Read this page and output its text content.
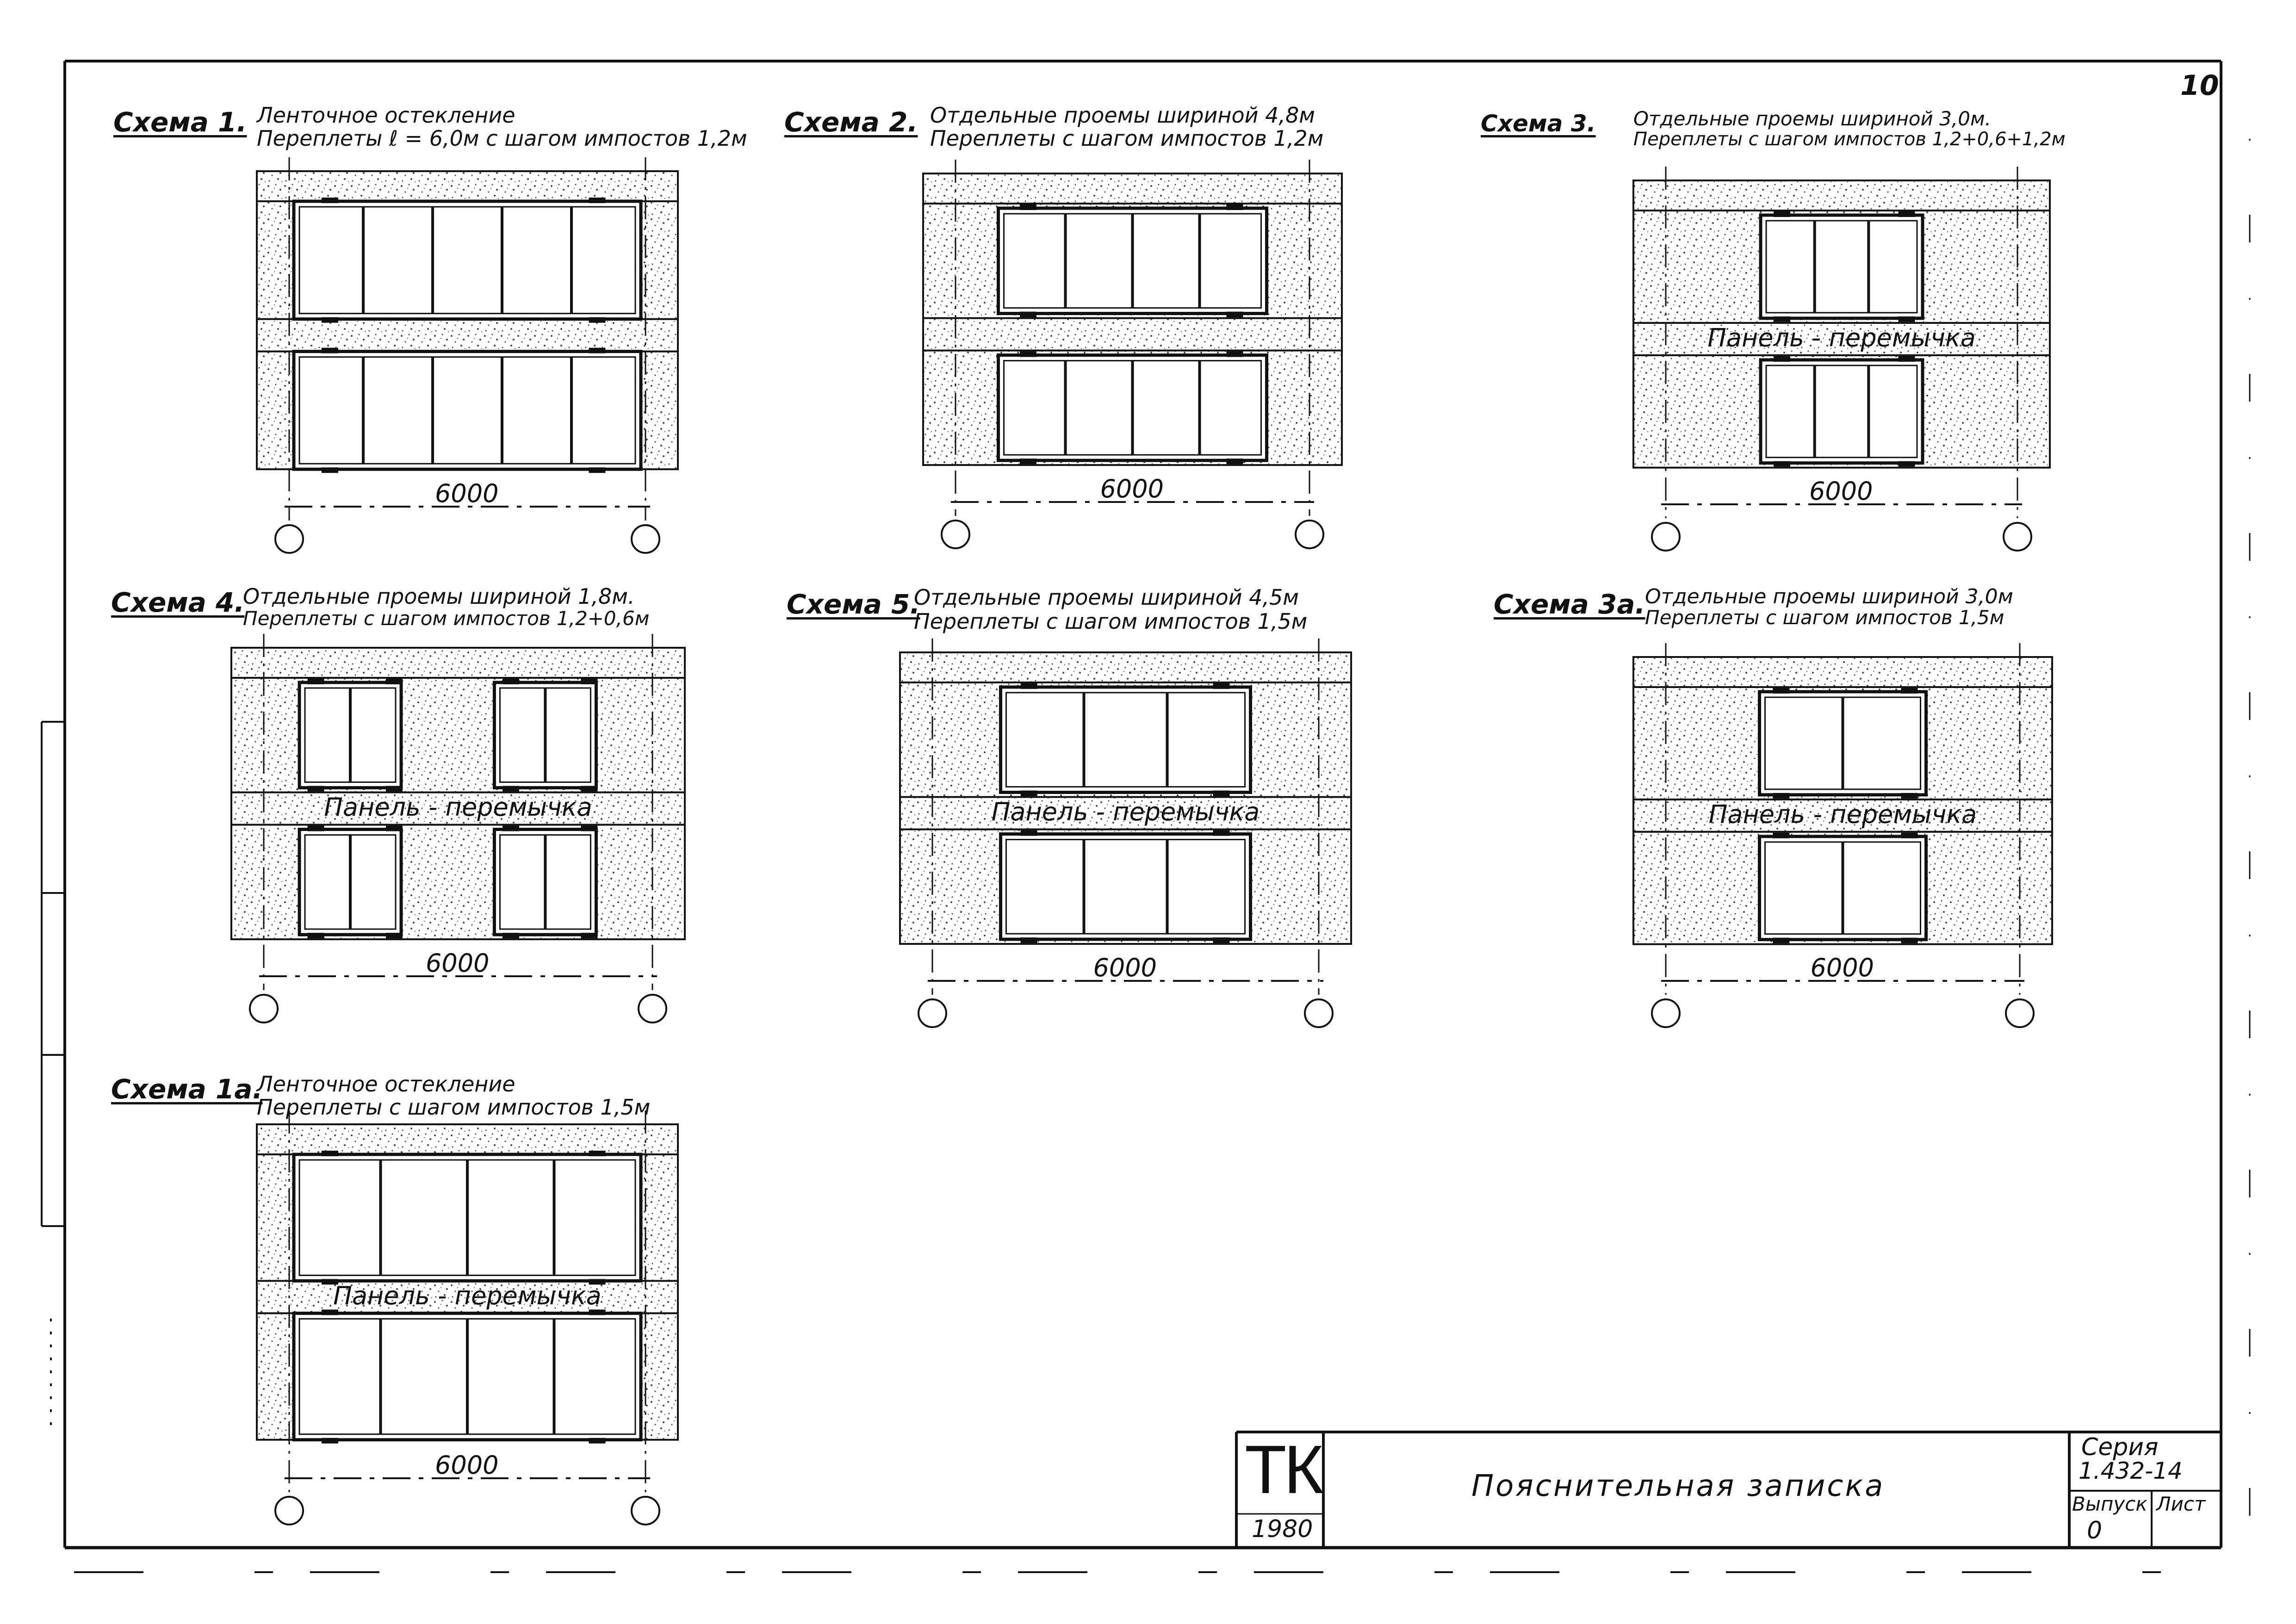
6000	6000
Панель - перемычка
6000
Панель - перемычка
6000
Панель - перемычка
6000
Панель - перемычка
6000
Панель - перемычка
6000
Схема 1. Ленточное остекление
Переплеты ℓ = 6,0м с шагом импостов 1,2м
Схема 2. Отдельные проемы шириной 4,8м
Переплеты с шагом импостов 1,2м
Схема 3. Отдельные проемы шириной 3,0м.
Переплеты с шагом импостов 1,2+0,6+1,2м
Схема 4.
Отдельные проемы шириной 1,8м.
Переплеты с шагом импостов 1,2+0,6м	Схема 5.
Отдельные проемы шириной 4,5м
Переплеты с шагом импостов 1,5м
Схема 3а. Отдельные проемы шириной 3,0м
Переплеты с шагом импостов 1,5м
Схема 1а.
Ленточное остекление
Переплеты с шагом импостов 1,5м
10
ТК
1980
Пояснительная записка
Серия
1.432-14
Выпуск
0
Лист
